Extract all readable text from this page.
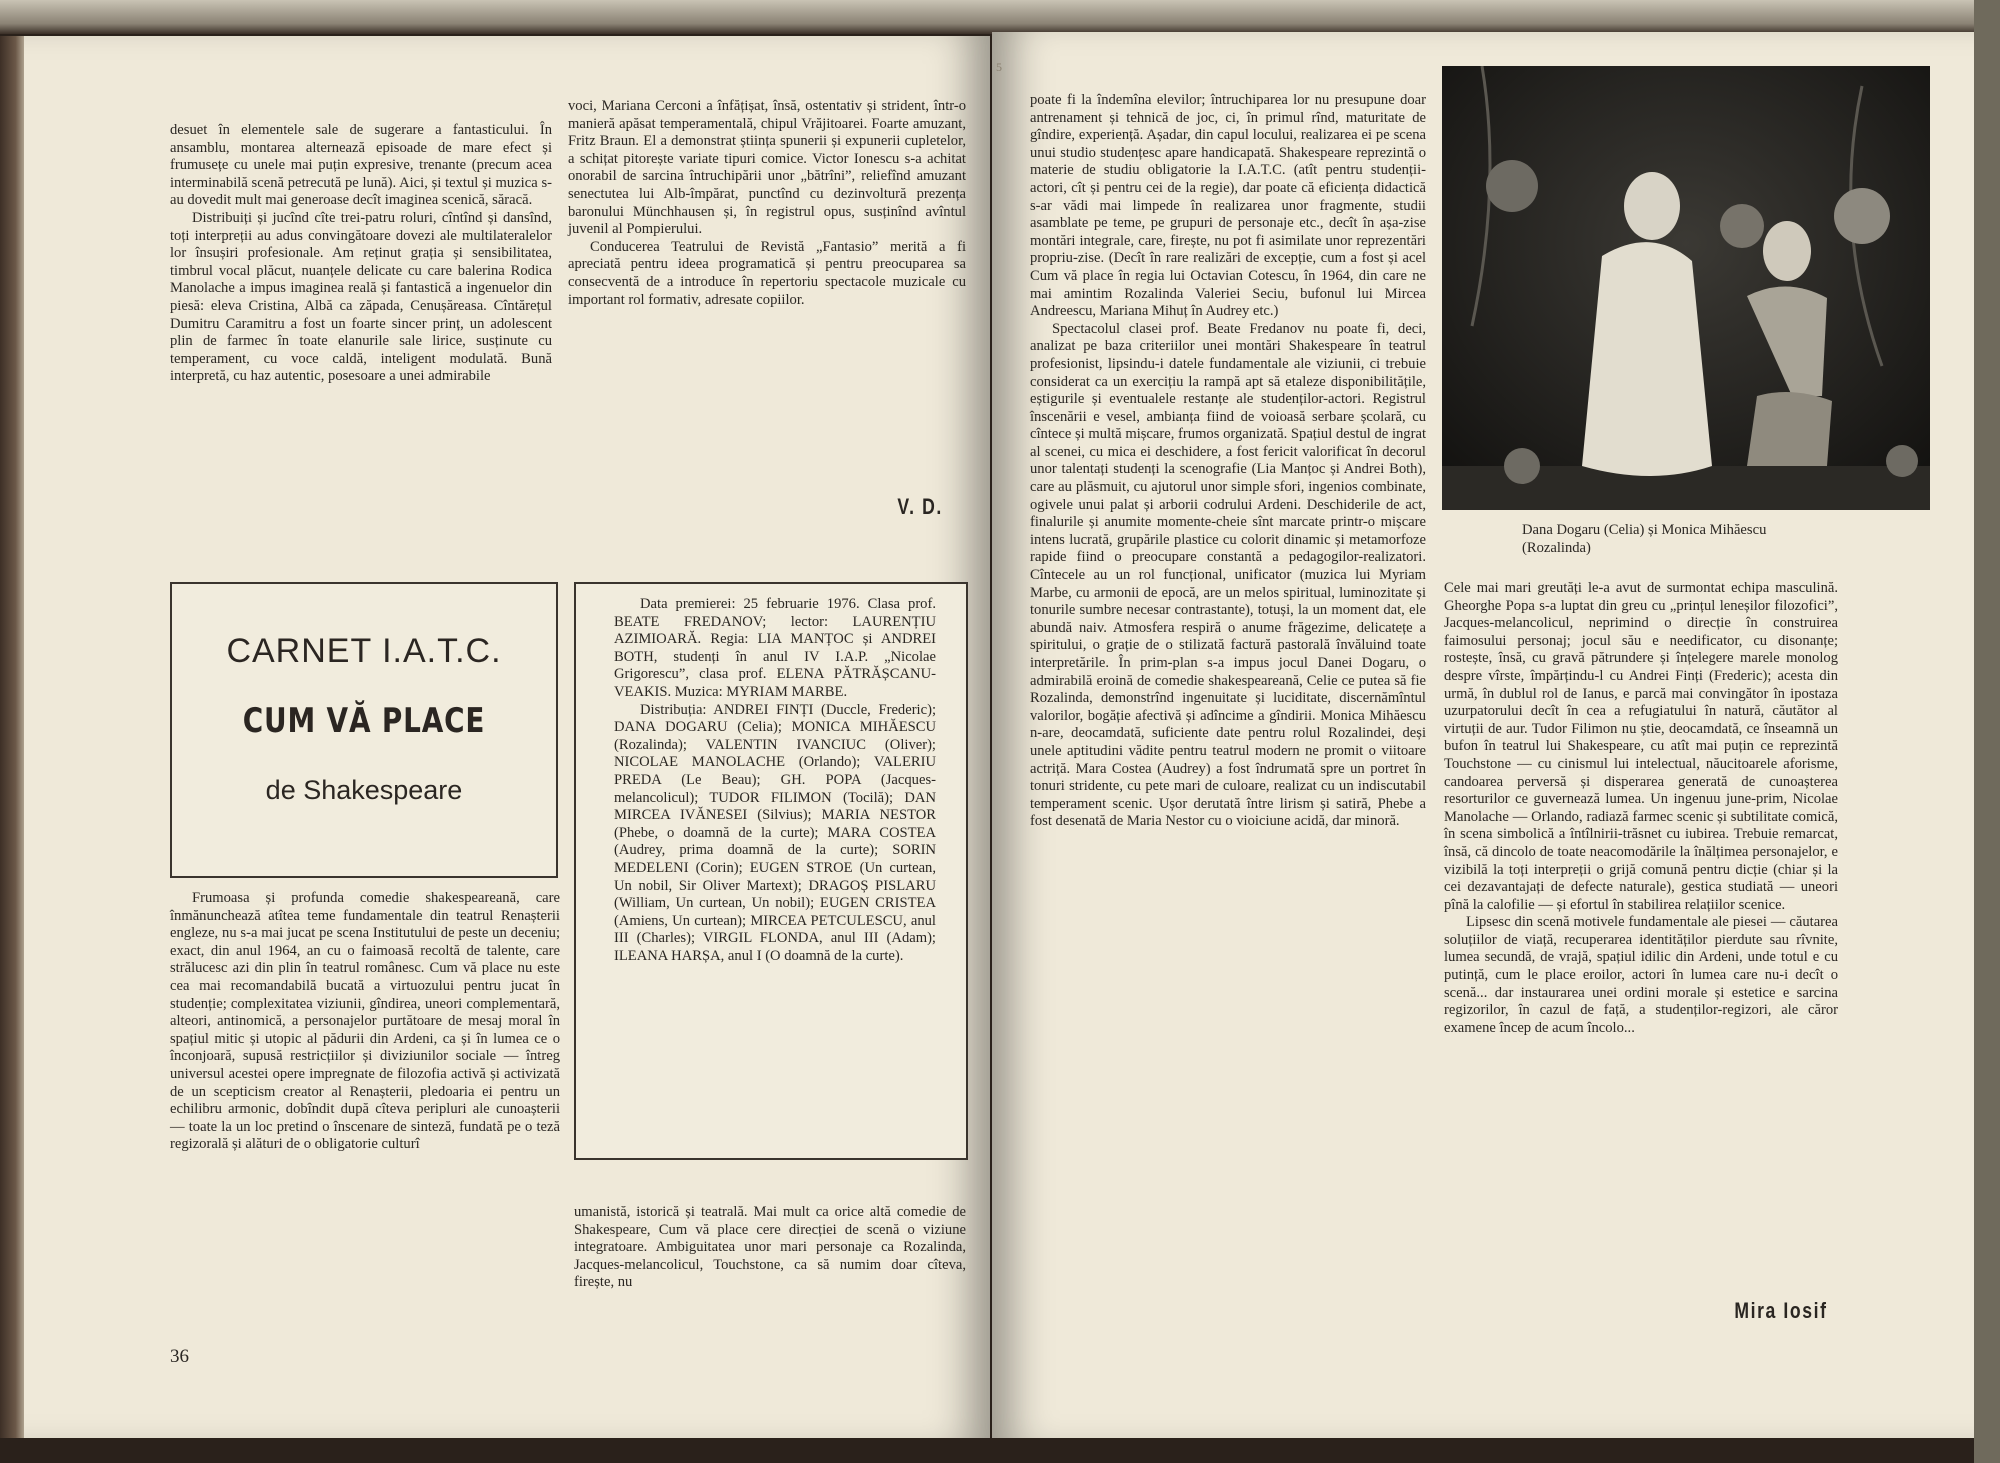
desuet în elementele sale de sugerare a fantasticului. În ansamblu, montarea alternează episoade de mare efect și frumusețe cu unele mai puțin expresive, trenante (precum acea interminabilă scenă petrecută pe lună). Aici, și textul și muzica s-au dovedit mult mai generoase decît imaginea scenică, săracă.

Distribuiți și jucînd cîte trei-patru roluri, cîntînd și dansînd, toți interpreții au adus convingătoare dovezi ale multilateralelor lor însușiri profesionale. Am reținut grația și sensibilitatea, timbrul vocal plăcut, nuanțele delicate cu care balerina Rodica Manolache a impus imaginea reală și fantastică a ingenuelor din piesă: eleva Cristina, Albă ca zăpada, Cenușăreasa. Cîntărețul Dumitru Caramitru a fost un foarte sincer prinț, un adolescent plin de farmec în toate elanurile sale lirice, susținute cu temperament, cu voce caldă, inteligent modulată. Bună interpretă, cu haz autentic, posesoare a unei admirabile

voci, Mariana Cerconi a înfățișat, însă, ostentativ și strident, într-o manieră apăsat temperamentală, chipul Vrăjitoarei. Foarte amuzant, Fritz Braun. El a demonstrat știința spunerii și expunerii cupletelor, a schițat pitorește variate tipuri comice. Victor Ionescu s-a achitat onorabil de sarcina întruchipării unor „bătrîni”, reliefînd amuzant senectutea lui Alb-împărat, punctînd cu dezinvoltură prezența baronului Münchhausen și, în registrul opus, susținînd avîntul juvenil al Pompierului.

Conducerea Teatrului de Revistă „Fantasio” merită a fi apreciată pentru ideea programatică și pentru preocuparea sa consecventă de a introduce în repertoriu spectacole muzicale cu important rol formativ, adresate copiilor.

V. D.
CARNET I.A.T.C.
CUM VĂ PLACE
de Shakespeare

Data premierei: 25 februarie 1976. Clasa prof. BEATE FREDANOV; lector: LAURENȚIU AZIMIOARĂ. Regia: LIA MANȚOC și ANDREI BOTH, studenți în anul IV I.A.P. „Nicolae Grigorescu”, clasa prof. ELENA PĂTRĂȘCANU-VEAKIS. Muzica: MYRIAM MARBE.

Distribuția: ANDREI FINȚI (Duccle, Frederic); DANA DOGARU (Celia); MONICA MIHĂESCU (Rozalinda); VALENTIN IVANCIUC (Oliver); NICOLAE MANOLACHE (Orlando); VALERIU PREDA (Le Beau); GH. POPA (Jacques-melancolicul); TUDOR FILIMON (Tocilă); DAN MIRCEA IVĂNESEI (Silvius); MARIA NESTOR (Phebe, o doamnă de la curte); MARA COSTEA (Audrey, prima doamnă de la curte); SORIN MEDELENI (Corin); EUGEN STROE (Un curtean, Un nobil, Sir Oliver Martext); DRAGOȘ PISLARU (William, Un curtean, Un nobil); EUGEN CRISTEA (Amiens, Un curtean); MIRCEA PETCULESCU, anul III (Charles); VIRGIL FLONDA, anul III (Adam); ILEANA HARȘA, anul I (O doamnă de la curte).

Frumoasa și profunda comedie shakespeareană, care înmănunchează atîtea teme fundamentale din teatrul Renașterii engleze, nu s-a mai jucat pe scena Institutului de peste un deceniu; exact, din anul 1964, an cu o faimoasă recoltă de talente, care strălucesc azi din plin în teatrul românesc. Cum vă place nu este cea mai recomandabilă bucată a virtuozului pentru jucat în studenție; complexitatea viziunii, gîndirea, uneori complementară, alteori, antinomică, a personajelor purtătoare de mesaj moral în spațiul mitic și utopic al pădurii din Ardeni, ca și în lumea ce o înconjoară, supusă restricțiilor și diviziunilor sociale — întreg universul acestei opere impregnate de filozofia activă și activizată de un scepticism creator al Renașterii, pledoaria ei pentru un echilibru armonic, dobîndit după cîteva peripluri ale cunoașterii — toate la un loc pretind o înscenare de sinteză, fundată pe o teză regizorală și alături de o obligatorie culturî

umanistă, istorică și teatrală. Mai mult ca orice altă comedie de Shakespeare, Cum vă place cere direcției de scenă o viziune integratoare. Ambiguitatea unor mari personaje ca Rozalinda, Jacques-melancolicul, Touchstone, ca să numim doar cîteva, firește, nu

36
5

poate fi la îndemîna elevilor; întruchiparea lor nu presupune doar antrenament și tehnică de joc, ci, în primul rînd, maturitate de gîndire, experiență. Așadar, din capul locului, realizarea ei pe scena unui studio studențesc apare handicapată. Shakespeare reprezintă o materie de studiu obligatorie la I.A.T.C. (atît pentru studenții-actori, cît și pentru cei de la regie), dar poate că eficiența didactică s-ar vădi mai limpede în realizarea unor fragmente, studii asamblate pe teme, pe grupuri de personaje etc., decît în așa-zise montări integrale, care, firește, nu pot fi asimilate unor reprezentări propriu-zise. (Decît în rare realizări de excepție, cum a fost și acel Cum vă place în regia lui Octavian Cotescu, în 1964, din care ne mai amintim Rozalinda Valeriei Seciu, bufonul lui Mircea Andreescu, Mariana Mihuț în Audrey etc.)

Spectacolul clasei prof. Beate Fredanov nu poate fi, deci, analizat pe baza criteriilor unei montări Shakespeare în teatrul profesionist, lipsindu-i datele fundamentale ale viziunii, ci trebuie considerat ca un exercițiu la rampă apt să etaleze disponibilitățile, eștigurile și eventualele restanțe ale studenților-actori. Registrul înscenării e vesel, ambianța fiind de voioasă serbare școlară, cu cîntece și multă mișcare, frumos organizată. Spațiul destul de ingrat al scenei, cu mica ei deschidere, a fost fericit valorificat în decorul unor talentați studenți la scenografie (Lia Manțoc și Andrei Both), care au plăsmuit, cu ajutorul unor simple sfori, ingenios combinate, ogivele unui palat și arborii codrului Ardeni. Deschiderile de act, finalurile și anumite momente-cheie sînt marcate printr-o mișcare intens lucrată, grupările plastice cu colorit dinamic și metamorfoze rapide fiind o preocupare constantă a pedagogilor-realizatori. Cîntecele au un rol funcțional, unificator (muzica lui Myriam Marbe, cu armonii de epocă, are un melos spiritual, luminozitate și tonurile sumbre necesar contrastante), totuși, la un moment dat, ele abundă naiv. Atmosfera respiră o anume frăgezime, delicatețe a spiritului, o grație de o stilizată factură pastorală învăluind toate interpretările. În prim-plan s-a impus jocul Danei Dogaru, o admirabilă eroină de comedie shakespeareană, Celie ce putea să fie Rozalinda, demonstrînd ingenuitate și luciditate, discernămîntul valorilor, bogăție afectivă și adîncime a gîndirii. Monica Mihăescu n-are, deocamdată, suficiente date pentru rolul Rozalindei, deși unele aptitudini vădite pentru teatrul modern ne promit o viitoare actriță. Mara Costea (Audrey) a fost îndrumată spre un portret în tonuri stridente, cu pete mari de culoare, realizat cu un indiscutabil temperament scenic. Ușor derutată între lirism și satiră, Phebe a fost desenată de Maria Nestor cu o vioiciune acidă, dar minoră.

Dana Dogaru (Celia) și Monica Mihăescu (Rozalinda)

Cele mai mari greutăți le-a avut de surmontat echipa masculină. Gheorghe Popa s-a luptat din greu cu „prințul leneșilor filozofici”, Jacques-melancolicul, neprimind o direcție în construirea faimosului personaj; jocul său e needificator, cu disonanțe; rostește, însă, cu gravă pătrundere și înțelegere marele monolog despre vîrste, împărțindu-l cu Andrei Finți (Frederic); acesta din urmă, în dublul rol de Ianus, e parcă mai convingător în ipostaza uzurpatorului decît în cea a refugiatului în natură, căutător al virtuții de aur. Tudor Filimon nu știe, deocamdată, ce înseamnă un bufon în teatrul lui Shakespeare, cu atît mai puțin ce reprezintă Touchstone — cu cinismul lui intelectual, năucitoarele aforisme, candoarea perversă și disperarea generată de cunoașterea resorturilor ce guvernează lumea. Un ingenuu june-prim, Nicolae Manolache — Orlando, radiază farmec scenic și subtilitate comică, în scena simbolică a întîlnirii-trăsnet cu iubirea. Trebuie remarcat, însă, că dincolo de toate neacomodările la înălțimea personajelor, e vizibilă la toți interpreții o grijă comună pentru dicție (chiar și la cei dezavantajați de defecte naturale), gestica studiată — uneori pînă la calofilie — și efortul în stabilirea relațiilor scenice.

Lipsesc din scenă motivele fundamentale ale piesei — căutarea soluțiilor de viață, recuperarea identităților pierdute sau rîvnite, lumea secundă, de vrajă, spațiul idilic din Ardeni, unde totul e cu putință, cum le place eroilor, actori în lumea care nu-i decît o scenă... dar instaurarea unei ordini morale și estetice e sarcina regizorilor, în cazul de față, a studenților-regizori, ale căror examene încep de acum încolo...

Mira Iosif
